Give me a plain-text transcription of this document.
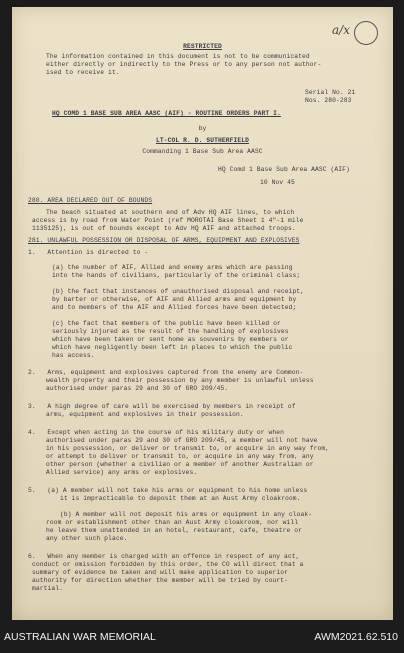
a/x
RESTRICTED
The information contained in this document is not to be communicated
either directly or indirectly to the Press or to any person not author-
ised to receive it.
Serial No. 21
Nos. 280-283
HQ COMD 1 BASE SUB AREA AASC (AIF) - ROUTINE ORDERS PART I.
by
LT-COL R. D. SUTHERFIELD
Commanding 1 Base Sub Area AASC
HQ Comd 1 Base Sub Area AASC (AIF)
10 Nov 45
280. AREA DECLARED OUT OF BOUNDS
The beach situated at southern end of Adv HQ AIF lines, to which
access is by road from Water Point (ref MOROTAI Base Sheet 1 4"-1 mile
1135125), is out of bounds except to Adv HQ AIF and attached troops.
281. UNLAWFUL POSSESSION OR DISPOSAL OF ARMS, EQUIPMENT AND EXPLOSIVES
1.   Attention is directed to -
(a) the number of AIF, Allied and enemy arms which are passing
into the hands of civilians, particularly of the criminal class;
(b) the fact that instances of unauthorised disposal and receipt,
by barter or otherwise, of AIF and Allied arms and equipment by
and to members of the AIF and Allied forces have been detected;
(c) the fact that members of the public have been killed or
seriously injured as the result of the handling of explosives
which have been taken or sent home as souvenirs by members or
which have negligently been left in places to which the public
has access.
2.   Arms, equipment and explosives captured from the enemy are Common-
wealth property and their possession by any member is unlawful unless
authorised under paras 29 and 30 of GRO 209/45.
3.   A high degree of care will be exercised by members in receipt of
arms, equipment and explosives in their possession.
4.   Except when acting in the course of his military duty or when
authorised under paras 29 and 30 of GRO 209/45, a member will not have
in his possession, or deliver or transmit to, or acquire in any way from,
or attempt to deliver or transmit to, or acquire in any way from, any
other person (whether a civilian or a member of another Australian or
Allied service) any arms or explosives.
5.   (a) A member will not take his arms or equipment to his home unless
it is impracticable to deposit them at an Aust Army cloakroom.
(b) A member will not deposit his arms or equipment in any cloak-
room or establishment other than an Aust Army cloakroom, nor will
he leave them unattended in an hotel, restaurant, cafe, theatre or
any other such place.
6.   When any member is charged with an offence in respect of any act,
conduct or omission forbidden by this order, the CO will direct that a
summary of evidence be taken and will make application to superior
authority for direction whether the member will be tried by court-
martial.
AUSTRALIAN WAR MEMORIAL	AWM2021.62.510
